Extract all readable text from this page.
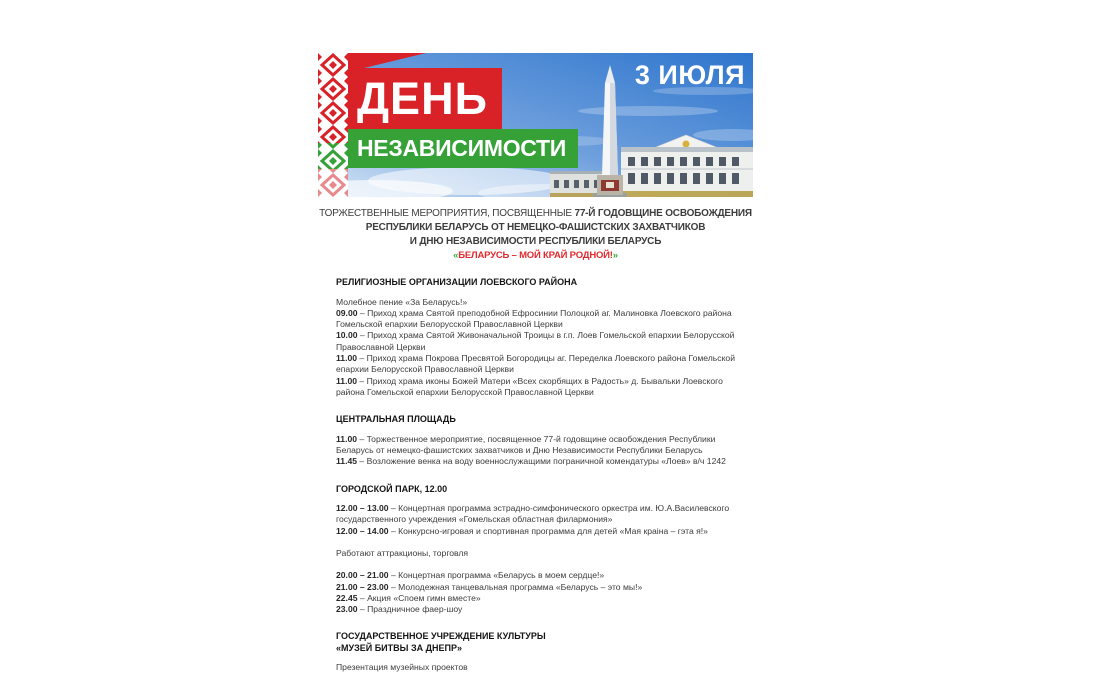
ДЕНЬ
НЕЗАВИСИМОСТИ
3 ИЮЛЯ
ТОРЖЕСТВЕННЫЕ МЕРОПРИЯТИЯ, ПОСВЯЩЕННЫЕ 77-Й ГОДОВЩИНЕ ОСВОБОЖДЕНИЯ
РЕСПУБЛИКИ БЕЛАРУСЬ ОТ НЕМЕЦКО-ФАШИСТСКИХ ЗАХВАТЧИКОВ
И ДНЮ НЕЗАВИСИМОСТИ РЕСПУБЛИКИ БЕЛАРУСЬ
«БЕЛАРУСЬ – МОЙ КРАЙ РОДНОЙ!»
РЕЛИГИОЗНЫЕ ОРГАНИЗАЦИИ ЛОЕВСКОГО РАЙОНА

Молебное пение «За Беларусь!»

09.00 – Приход храма Святой преподобной Ефросинии Полоцкой аг. Малиновка Лоевского района Гомельской епархии Белорусской Православной Церкви

10.00 – Приход храма Святой Живоначальной Троицы в г.п. Лоев Гомельской епархии Белорусской Православной Церкви

11.00 – Приход храма Покрова Пресвятой Богородицы аг. Переделка Лоевского района Гомельской епархии Белорусской Православной Церкви

11.00 – Приход храма иконы Божей Матери «Всех скорбящих в Радость» д. Бывальки Лоевского района Гомельской епархии Белорусской Православной Церкви

ЦЕНТРАЛЬНАЯ ПЛОЩАДЬ

11.00 – Торжественное мероприятие, посвященное 77-й годовщине освобождения Республики Беларусь от немецко-фашистских захватчиков и Дню Независимости Республики Беларусь

11.45 – Возложение венка на воду военнослужащими пограничной комендатуры «Лоев» в/ч 1242

ГОРОДСКОЙ ПАРК, 12.00

12.00 – 13.00 – Концертная программа эстрадно-симфонического оркестра им. Ю.А.Василевского государственного учреждения «Гомельская областная филармония»

12.00 – 14.00 – Конкурсно-игровая и спортивная программа для детей «Мая краіна – гэта я!»

Работают аттракционы, торговля

20.00 – 21.00 – Концертная программа «Беларусь в моем сердце!»

21.00 – 23.00 – Молодежная танцевальная программа «Беларусь – это мы!»

22.45 – Акция «Споем гимн вместе»

23.00 – Праздничное фаер-шоу

ГОСУДАРСТВЕННОЕ УЧРЕЖДЕНИЕ КУЛЬТУРЫ
«МУЗЕЙ БИТВЫ ЗА ДНЕПР»

Презентация музейных проектов
